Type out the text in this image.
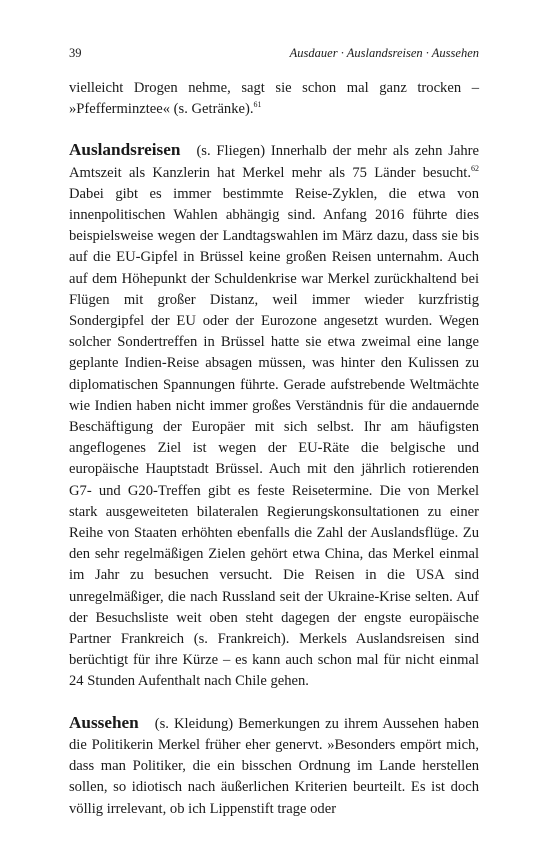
39	Ausdauer · Auslandsreisen · Aussehen

vielleicht Drogen nehme, sagt sie schon mal ganz trocken – »Pfefferminztee« (s. Getränke).$^{61}$

Auslandsreisen (s. Fliegen) Innerhalb der mehr als zehn Jahre Amtszeit als Kanzlerin hat Merkel mehr als 75 Länder besucht.$^{62}$ Dabei gibt es immer bestimmte Reise-Zyklen, die etwa von innenpolitischen Wahlen abhängig sind. Anfang 2016 führte dies beispielsweise wegen der Landtagswahlen im März dazu, dass sie bis auf die EU-Gipfel in Brüssel keine großen Reisen unternahm. Auch auf dem Höhepunkt der Schuldenkrise war Merkel zurückhaltend bei Flügen mit großer Distanz, weil immer wieder kurzfristig Sondergipfel der EU oder der Eurozone angesetzt wurden. Wegen solcher Sondertreffen in Brüssel hatte sie etwa zweimal eine lange geplante Indien-Reise absagen müssen, was hinter den Kulissen zu diplomatischen Spannungen führte. Gerade aufstrebende Weltmächte wie Indien haben nicht immer großes Verständnis für die andauernde Beschäftigung der Europäer mit sich selbst. Ihr am häufigsten angeflogenes Ziel ist wegen der EU-Räte die belgische und europäische Hauptstadt Brüssel. Auch mit den jährlich rotierenden G7- und G20-Treffen gibt es feste Reisetermine. Die von Merkel stark ausgeweiteten bilateralen Regierungskonsultationen zu einer Reihe von Staaten erhöhten ebenfalls die Zahl der Auslandsflüge. Zu den sehr regelmäßigen Zielen gehört etwa China, das Merkel einmal im Jahr zu besuchen versucht. Die Reisen in die USA sind unregelmäßiger, die nach Russland seit der Ukraine-Krise selten. Auf der Besuchsliste weit oben steht dagegen der engste europäische Partner Frankreich (s. Frankreich). Merkels Auslandsreisen sind berüchtigt für ihre Kürze – es kann auch schon mal für nicht einmal 24 Stunden Aufenthalt nach Chile gehen.

Aussehen (s. Kleidung) Bemerkungen zu ihrem Aussehen haben die Politikerin Merkel früher eher genervt. »Besonders empört mich, dass man Politiker, die ein bisschen Ordnung im Lande herstellen sollen, so idiotisch nach äußerlichen Kriterien beurteilt. Es ist doch völlig irrelevant, ob ich Lippenstift trage oder
